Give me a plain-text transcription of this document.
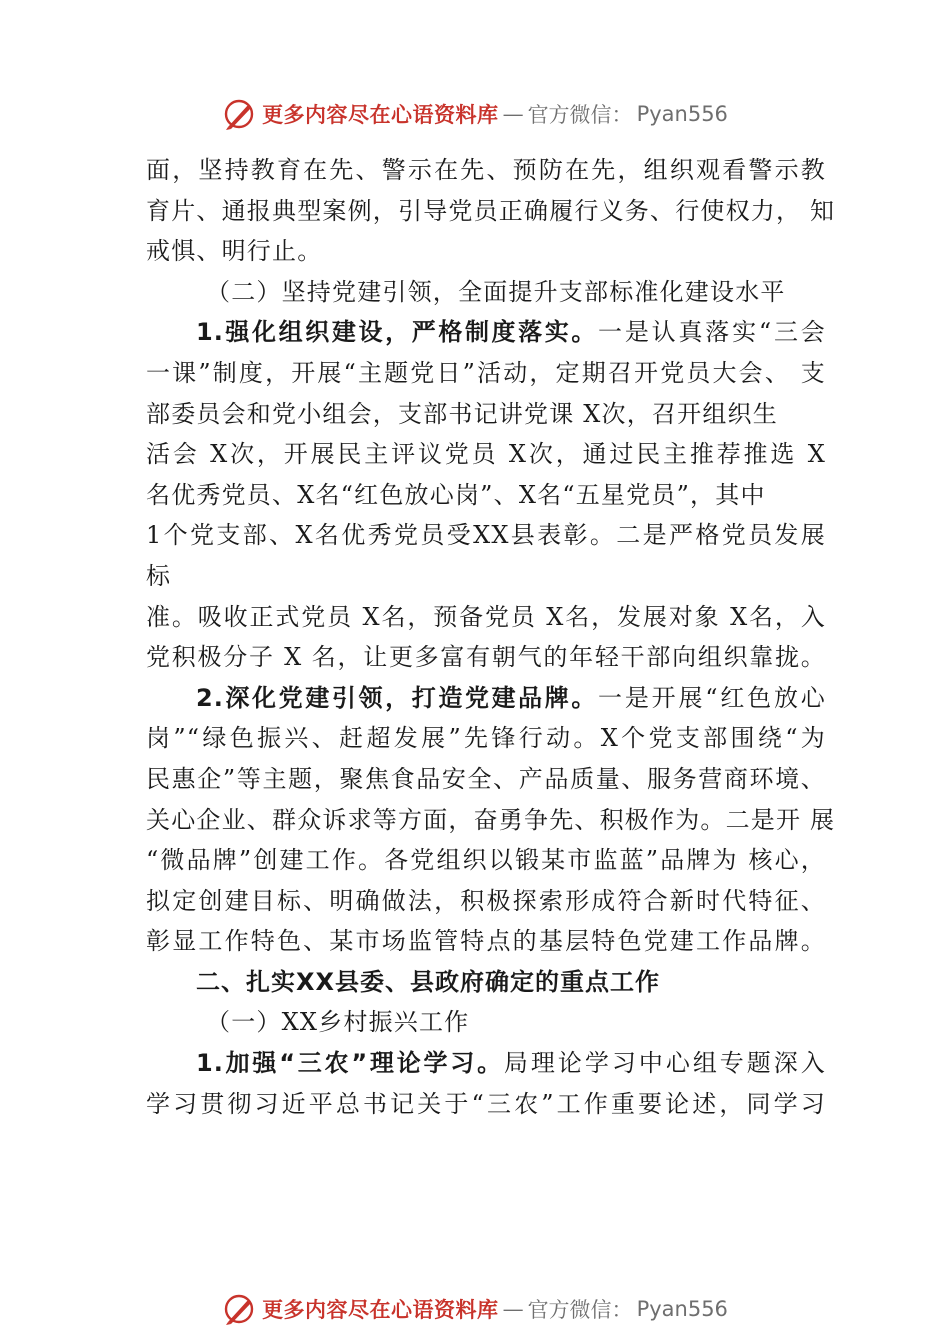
更多内容尽在心语资料库 — 官方微信： Pyan556
面，坚持教育在先、警示在先、预防在先，组织观看警示教
育片、通报典型案例，引导党员正确履行义务、行使权力， 知
戒惧、明行止。
（二）坚持党建引领，全面提升支部标准化建设水平
1.强化组织建设，严格制度落实。一是认真落实“三会
一课”制度，开展“主题党日”活动，定期召开党员大会、 支
部委员会和党小组会，支部书记讲党课 X次，召开组织生
活会 X次，开展民主评议党员 X次，通过民主推荐推选 X
名优秀党员、X名“红色放心岗”、X名“五星党员”，其中
1个党支部、X名优秀党员受XX县表彰。二是严格党员发展
标
准。吸收正式党员 X名，预备党员 X名，发展对象 X名，入
党积极分子 X 名，让更多富有朝气的年轻干部向组织靠拢。
2.深化党建引领，打造党建品牌。一是开展“红色放心
岗”“绿色振兴、赶超发展”先锋行动。X个党支部围绕“为
民惠企”等主题，聚焦食品安全、产品质量、服务营商环境、
关心企业、群众诉求等方面，奋勇争先、积极作为。二是开 展
“微品牌”创建工作。各党组织以锻某市监蓝”品牌为 核心，
拟定创建目标、明确做法，积极探索形成符合新时代特征、
彰显工作特色、某市场监管特点的基层特色党建工作品牌。
二、扎实XX县委、县政府确定的重点工作
（一）XX乡村振兴工作
1.加强“三农”理论学习。局理论学习中心组专题深入
学习贯彻习近平总书记关于“三农”工作重要论述，同学习
更多内容尽在心语资料库 — 官方微信： Pyan556
